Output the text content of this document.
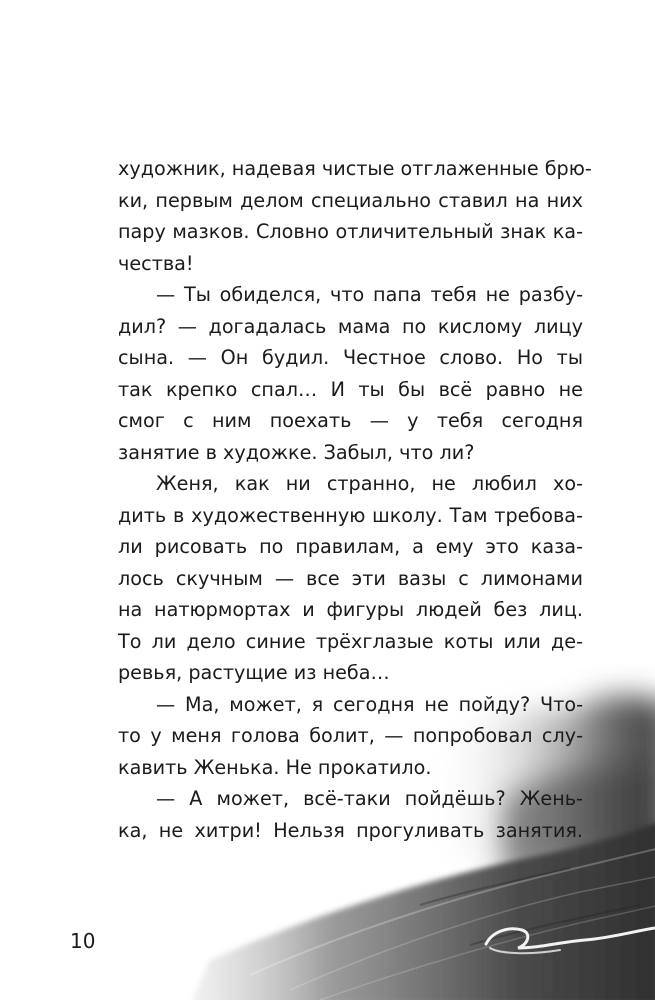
художник, надевая чистые отглаженные брю-
ки, первым делом специально ставил на них
пару мазков. Словно отличительный знак ка-
чества!
— Ты обиделся, что папа тебя не разбу-
дил? — догадалась мама по кислому лицу
сына. — Он будил. Честное слово. Но ты
так крепко спал… И ты бы всё равно не
смог с ним поехать — у тебя сегодня
занятие в художке. Забыл, что ли?
Женя, как ни странно, не любил хо-
дить в художественную школу. Там требова-
ли рисовать по правилам, а ему это каза-
лось скучным — все эти вазы с лимонами
на натюрмортах и фигуры людей без лиц.
То ли дело синие трёхглазые коты или де-
ревья, растущие из неба…
— Ма, может, я сегодня не пойду? Что-
то у меня голова болит, — попробовал слу-
кавить Женька. Не прокатило.
— А может, всё-таки пойдёшь? Жень-
ка, не хитри! Нельзя прогуливать занятия.
10
